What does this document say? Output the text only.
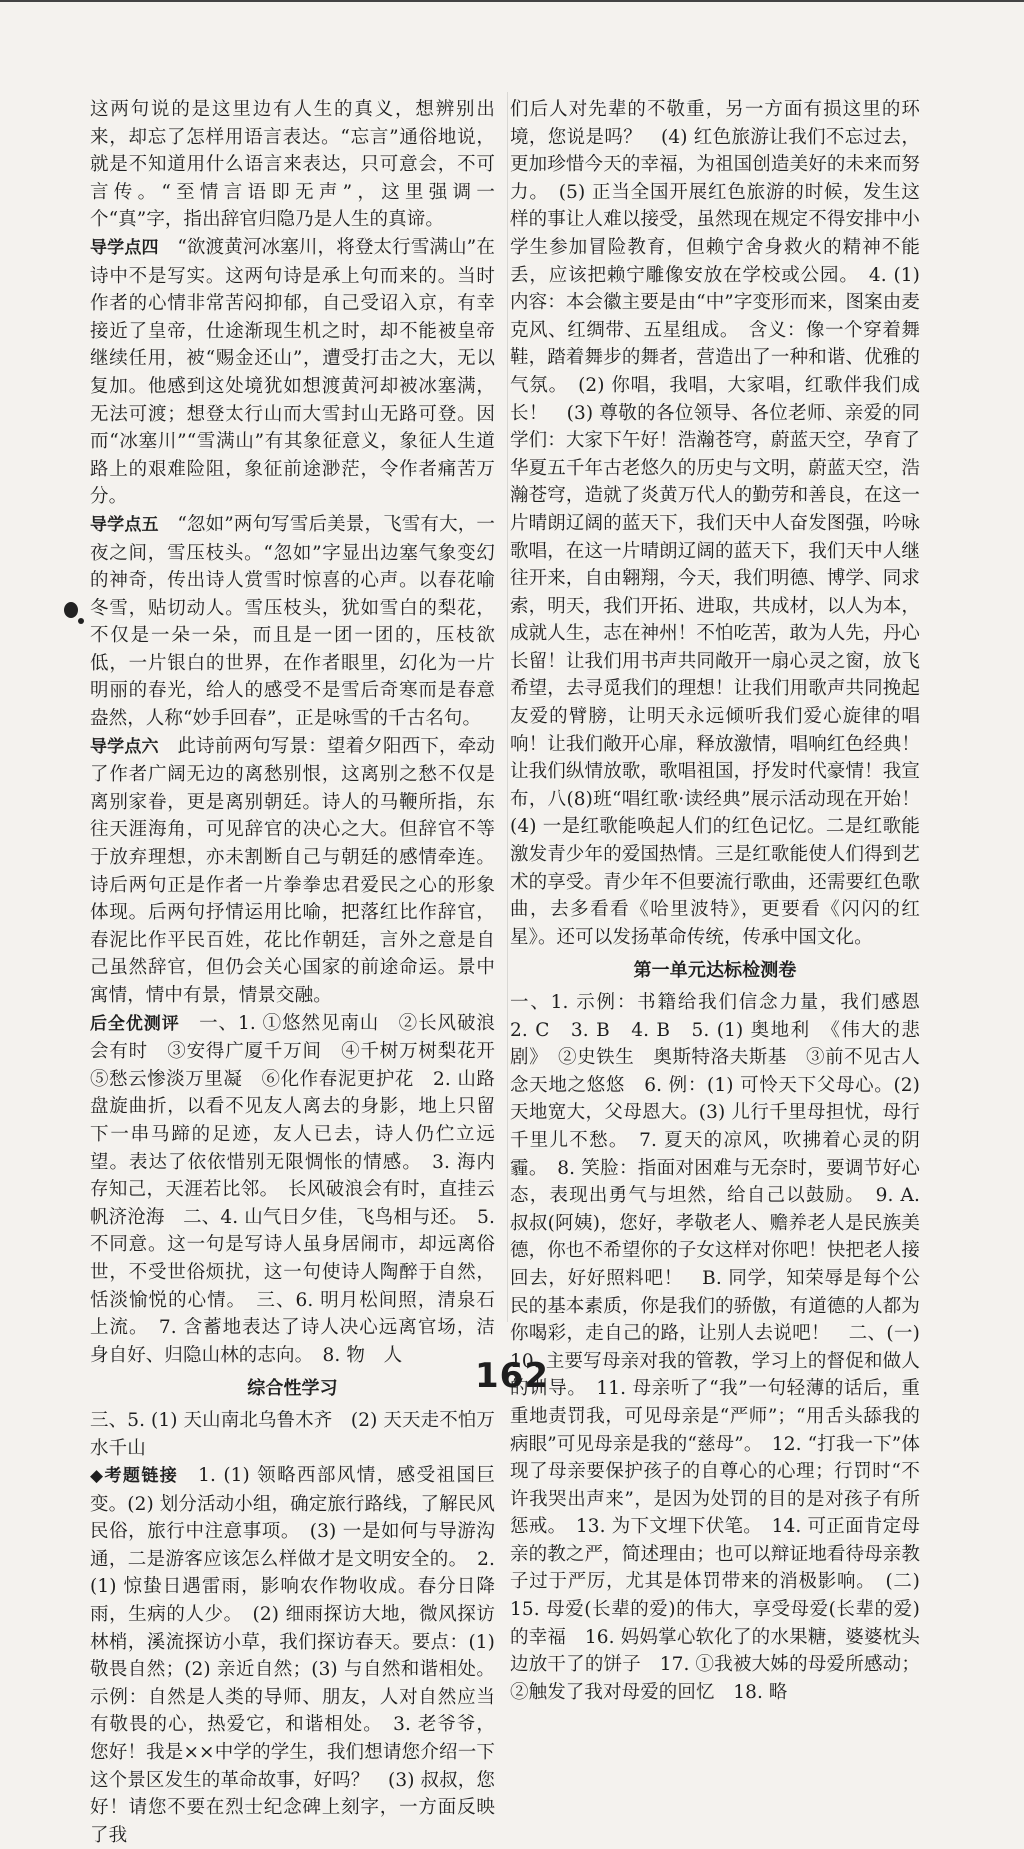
这两句说的是这里边有人生的真义，想辨别出来，却忘了怎样用语言表达。“忘言”通俗地说，就是不知道用什么语言来表达，只可意会，不可言传。“至情言语即无声”，这里强调一个“真”字，指出辞官归隐乃是人生的真谛。

导学点四　 “欲渡黄河冰塞川，将登太行雪满山”在诗中不是写实。这两句诗是承上句而来的。当时作者的心情非常苦闷抑郁，自己受诏入京，有幸接近了皇帝，仕途渐现生机之时，却不能被皇帝继续任用，被“赐金还山”，遭受打击之大，无以复加。他感到这处境犹如想渡黄河却被冰塞满，无法可渡；想登太行山而大雪封山无路可登。因而“冰塞川”“雪满山”有其象征意义，象征人生道路上的艰难险阻，象征前途渺茫，令作者痛苦万分。

导学点五　 “忽如”两句写雪后美景，飞雪有大，一夜之间，雪压枝头。“忽如”字显出边塞气象变幻的神奇，传出诗人赏雪时惊喜的心声。以春花喻冬雪，贴切动人。雪压枝头，犹如雪白的梨花，不仅是一朵一朵，而且是一团一团的，压枝欲低，一片银白的世界，在作者眼里，幻化为一片明丽的春光，给人的感受不是雪后奇寒而是春意盎然，人称“妙手回春”，正是咏雪的千古名句。

导学点六　 此诗前两句写景：望着夕阳西下，牵动了作者广阔无边的离愁别恨，这离别之愁不仅是离别家眷，更是离别朝廷。诗人的马鞭所指，东往天涯海角，可见辞官的决心之大。但辞官不等于放弃理想，亦未割断自己与朝廷的感情牵连。诗后两句正是作者一片拳拳忠君爱民之心的形象体现。后两句抒情运用比喻，把落红比作辞官，春泥比作平民百姓，花比作朝廷，言外之意是自己虽然辞官，但仍会关心国家的前途命运。景中寓情，情中有景，情景交融。

后全优测评　 一、1. ①悠然见南山　②长风破浪会有时　③安得广厦千万间　④千树万树梨花开　⑤愁云惨淡万里凝　⑥化作春泥更护花　2. 山路盘旋曲折，以看不见友人离去的身影，地上只留下一串马蹄的足迹，友人已去，诗人仍伫立远望。表达了依依惜别无限惆怅的情感。　3. 海内存知己，天涯若比邻。　长风破浪会有时，直挂云帆济沧海　二、4. 山气日夕佳，飞鸟相与还。　5. 不同意。这一句是写诗人虽身居闹市，却远离俗世，不受世俗烦扰，这一句使诗人陶醉于自然，恬淡愉悦的心情。　三、6. 明月松间照，清泉石上流。　7. 含蓄地表达了诗人决心远离官场，洁身自好、归隐山林的志向。　8. 物　人

综合性学习

三、5. (1) 天山南北乌鲁木齐　(2) 天天走不怕万水千山

◆考题链接　 1. (1) 领略西部风情，感受祖国巨变。(2) 划分活动小组，确定旅行路线，了解民风民俗，旅行中注意事项。　(3) 一是如何与导游沟通，二是游客应该怎么样做才是文明安全的。　2. (1) 惊蛰日遇雷雨，影响农作物收成。春分日降雨，生病的人少。　(2) 细雨探访大地，微风探访林梢，溪流探访小草，我们探访春天。要点：(1) 敬畏自然；(2) 亲近自然；(3) 与自然和谐相处。示例：自然是人类的导师、朋友，人对自然应当有敬畏的心，热爱它，和谐相处。　3. 老爷爷，您好！我是××中学的学生，我们想请您介绍一下这个景区发生的革命故事，好吗？　(3) 叔叔，您好！请您不要在烈士纪念碑上刻字，一方面反映了我

们后人对先辈的不敬重，另一方面有损这里的环境，您说是吗？　(4) 红色旅游让我们不忘过去，更加珍惜今天的幸福，为祖国创造美好的未来而努力。　(5) 正当全国开展红色旅游的时候，发生这样的事让人难以接受，虽然现在规定不得安排中小学生参加冒险教育，但赖宁舍身救火的精神不能丢，应该把赖宁雕像安放在学校或公园。　4. (1) 内容：本会徽主要是由“中”字变形而来，图案由麦克风、红绸带、五星组成。　含义：像一个穿着舞鞋，踏着舞步的舞者，营造出了一种和谐、优雅的气氛。　(2) 你唱，我唱，大家唱，红歌伴我们成长！　(3) 尊敬的各位领导、各位老师、亲爱的同学们：大家下午好！浩瀚苍穹，蔚蓝天空，孕育了华夏五千年古老悠久的历史与文明，蔚蓝天空，浩瀚苍穹，造就了炎黄万代人的勤劳和善良，在这一片晴朗辽阔的蓝天下，我们天中人奋发图强，吟咏歌唱，在这一片晴朗辽阔的蓝天下，我们天中人继往开来，自由翱翔，今天，我们明德、博学、同求索，明天，我们开拓、进取，共成材，以人为本，成就人生，志在神州！不怕吃苦，敢为人先，丹心长留！让我们用书声共同敞开一扇心灵之窗，放飞希望，去寻觅我们的理想！让我们用歌声共同挽起友爱的臂膀，让明天永远倾听我们爱心旋律的唱响！让我们敞开心扉，释放激情，唱响红色经典！让我们纵情放歌，歌唱祖国，抒发时代豪情！我宣布，八(8)班“唱红歌·读经典”展示活动现在开始！　(4) 一是红歌能唤起人们的红色记忆。二是红歌能激发青少年的爱国热情。三是红歌能使人们得到艺术的享受。青少年不但要流行歌曲，还需要红色歌曲，去多看看《哈里波特》，更要看《闪闪的红星》。还可以发扬革命传统，传承中国文化。

第一单元达标检测卷

一、1. 示例：书籍给我们信念力量，我们感恩　2. C　3. B　4. B　5. (1) 奥地利　《伟大的悲剧》　②史铁生　奥斯特洛夫斯基　③前不见古人　念天地之悠悠　6. 例：(1) 可怜天下父母心。(2) 天地宽大，父母恩大。(3) 儿行千里母担忧，母行千里儿不愁。　7. 夏天的凉风，吹拂着心灵的阴霾。　8. 笑脸：指面对困难与无奈时，要调节好心态，表现出勇气与坦然，给自己以鼓励。　9. A. 叔叔(阿姨)，您好，孝敬老人、赡养老人是民族美德，你也不希望你的子女这样对你吧！快把老人接回去，好好照料吧！　B. 同学，知荣辱是每个公民的基本素质，你是我们的骄傲，有道德的人都为你喝彩，走自己的路，让别人去说吧！　二、(一) 10. 主要写母亲对我的管教，学习上的督促和做人的训导。　11. 母亲听了“我”一句轻薄的话后，重重地责罚我，可见母亲是“严师”；“用舌头舔我的病眼”可见母亲是我的“慈母”。　12. “打我一下”体现了母亲要保护孩子的自尊心的心理；行罚时“不许我哭出声来”，是因为处罚的目的是对孩子有所惩戒。　13. 为下文埋下伏笔。　14. 可正面肯定母亲的教之严，简述理由；也可以辩证地看待母亲教子过于严厉，尤其是体罚带来的消极影响。　(二) 15. 母爱(长辈的爱)的伟大，享受母爱(长辈的爱)的幸福　16. 妈妈掌心软化了的水果糖，婆婆枕头边放干了的饼子　17. ①我被大姊的母爱所感动；②触发了我对母爱的回忆　18. 略

162
